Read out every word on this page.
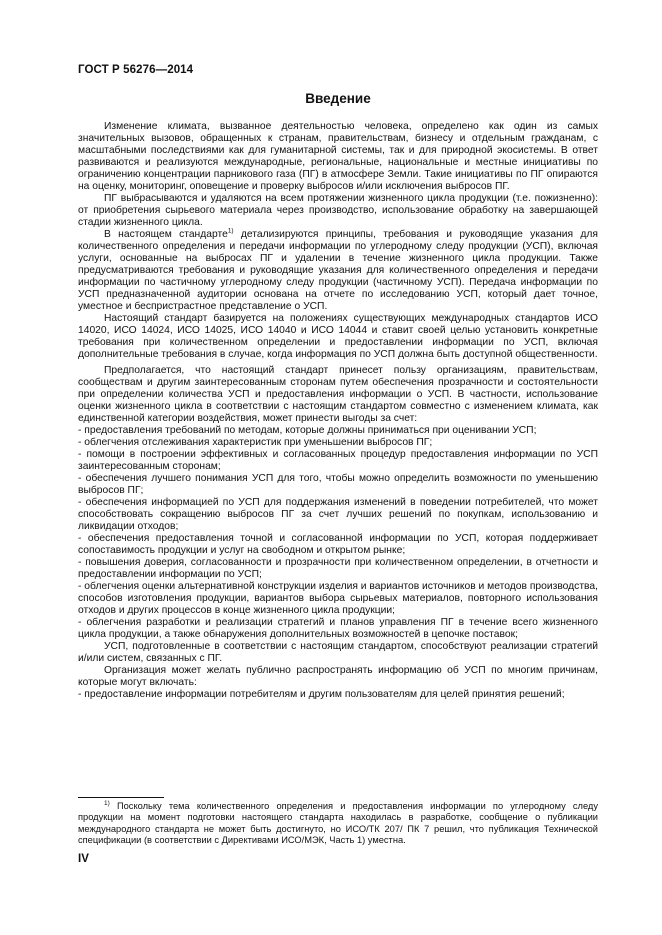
ГОСТ Р 56276—2014
Введение

Изменение климата, вызванное деятельностью человека, определено как один из самых значительных вызовов, обращенных к странам, правительствам, бизнесу и отдельным гражданам, с масштабными последствиями как для гуманитарной системы, так и для природной экосистемы. В ответ развиваются и реализуются международные, региональные, национальные и местные инициативы по ограничению концентрации парникового газа (ПГ) в атмосфере Земли. Такие инициативы по ПГ опираются на оценку, мониторинг, оповещение и проверку выбросов и/или исключения выбросов ПГ.

ПГ выбрасываются и удаляются на всем протяжении жизненного цикла продукции (т.е. пожизненно): от приобретения сырьевого материала через производство, использование обработку на завершающей стадии жизненного цикла.

В настоящем стандарте$^{1)}$ детализируются принципы, требования и руководящие указания для количественного определения и передачи информации по углеродному следу продукции (УСП), включая услуги, основанные на выбросах ПГ и удалении в течение жизненного цикла продукции. Также предусматриваются требования и руководящие указания для количественного определения и передачи информации по частичному углеродному следу продукции (частичному УСП). Передача информации по УСП предназначенной аудитории основана на отчете по исследованию УСП, который дает точное, уместное и беспристрастное представление о УСП.

Настоящий стандарт базируется на положениях существующих международных стандартов ИСО 14020, ИСО 14024, ИСО 14025, ИСО 14040 и ИСО 14044 и ставит своей целью установить конкретные требования при количественном определении и предоставлении информации по УСП, включая дополнительные требования в случае, когда информация по УСП должна быть доступной общественности.

Предполагается, что настоящий стандарт принесет пользу организациям, правительствам, сообществам и другим заинтересованным сторонам путем обеспечения прозрачности и состоятельности при определении количества УСП и предоставления информации о УСП. В частности, использование оценки жизненного цикла в соответствии с настоящим стандартом совместно с изменением климата, как единственной категории воздействия, может принести выгоды за счет:

- предоставления требований по методам, которые должны приниматься при оценивании УСП;
- облегчения отслеживания характеристик при уменьшении выбросов ПГ;
- помощи в построении эффективных и согласованных процедур предоставления информации по УСП заинтересованным сторонам;
- обеспечения лучшего понимания УСП для того, чтобы можно определить возможности по уменьшению выбросов ПГ;
- обеспечения информацией по УСП для поддержания изменений в поведении потребителей, что может способствовать сокращению выбросов ПГ за счет лучших решений по покупкам, использованию и ликвидации отходов;
- обеспечения предоставления точной и согласованной информации по УСП, которая поддерживает сопоставимость продукции и услуг на свободном и открытом рынке;
- повышения доверия, согласованности и прозрачности при количественном определении, в отчетности и предоставлении информации по УСП;
- облегчения оценки альтернативной конструкции изделия и вариантов источников и методов производства, способов изготовления продукции, вариантов выбора сырьевых материалов, повторного использования отходов и других процессов в конце жизненного цикла продукции;
- облегчения разработки и реализации стратегий и планов управления ПГ в течение всего жизненного цикла продукции, а также обнаружения дополнительных возможностей в цепочке поставок;

УСП, подготовленные в соответствии с настоящим стандартом, способствуют реализации стратегий и/или систем, связанных с ПГ.

Организация может желать публично распространять информацию об УСП по многим причинам, которые могут включать:

- предоставление информации потребителям и другим пользователям для целей принятия решений;

$^{1)}$ Поскольку тема количественного определения и предоставления информации по углеродному следу продукции на момент подготовки настоящего стандарта находилась в разработке, сообщение о публикации международного стандарта не может быть достигнуто, но ИСО/ТК 207/ ПК 7 решил, что публикация Технической спецификации (в соответствии с Директивами ИСО/МЭК, Часть 1) уместна.

IV
